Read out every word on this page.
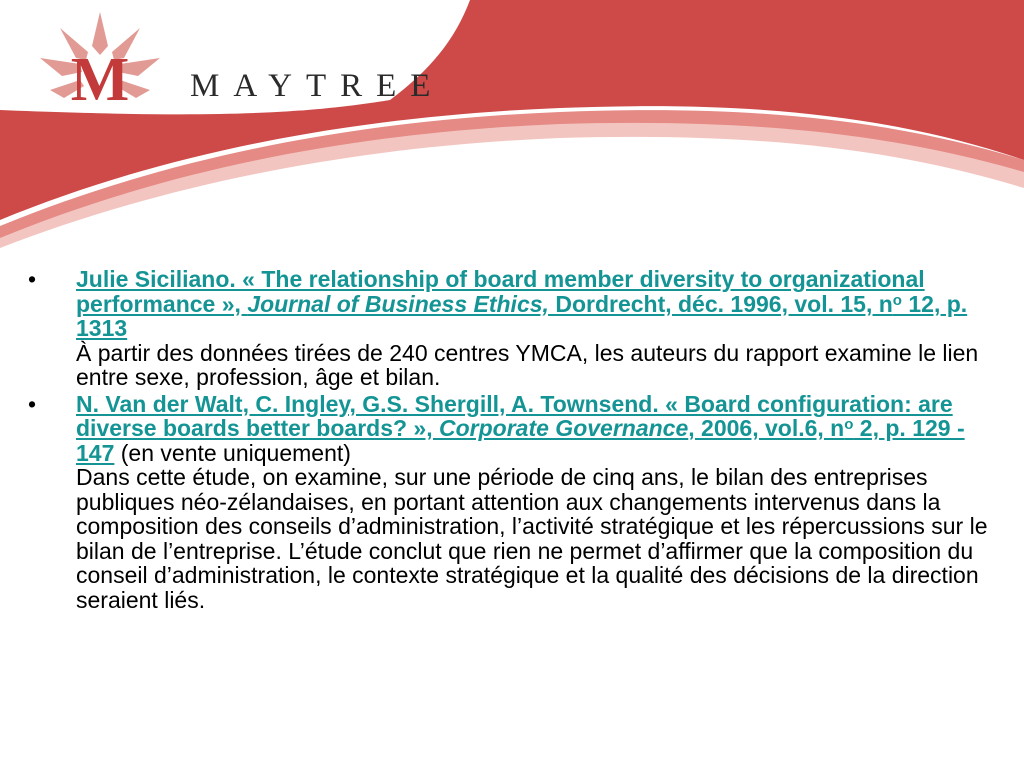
M MAYTREE
• Julie Siciliano. « The relationship of board member diversity to organizational performance », Journal of Business Ethics, Dordrecht, déc. 1996, vol. 15, n$^o$ 12, p. 1313
À partir des données tirées de 240 centres YMCA, les auteurs du rapport examine le lien entre sexe, profession, âge et bilan.
• N. Van der Walt, C. Ingley, G.S. Shergill, A. Townsend. « Board configuration: are diverse boards better boards? », Corporate Governance, 2006, vol.6, n$^o$ 2, p. 129 - 147 (en vente uniquement)
Dans cette étude, on examine, sur une période de cinq ans, le bilan des entreprises publiques néo-zélandaises, en portant attention aux changements intervenus dans la composition des conseils d’administration, l’activité stratégique et les répercussions sur le bilan de l’entreprise. L’étude conclut que rien ne permet d’affirmer que la composition du conseil d’administration, le contexte stratégique et la qualité des décisions de la direction seraient liés.
